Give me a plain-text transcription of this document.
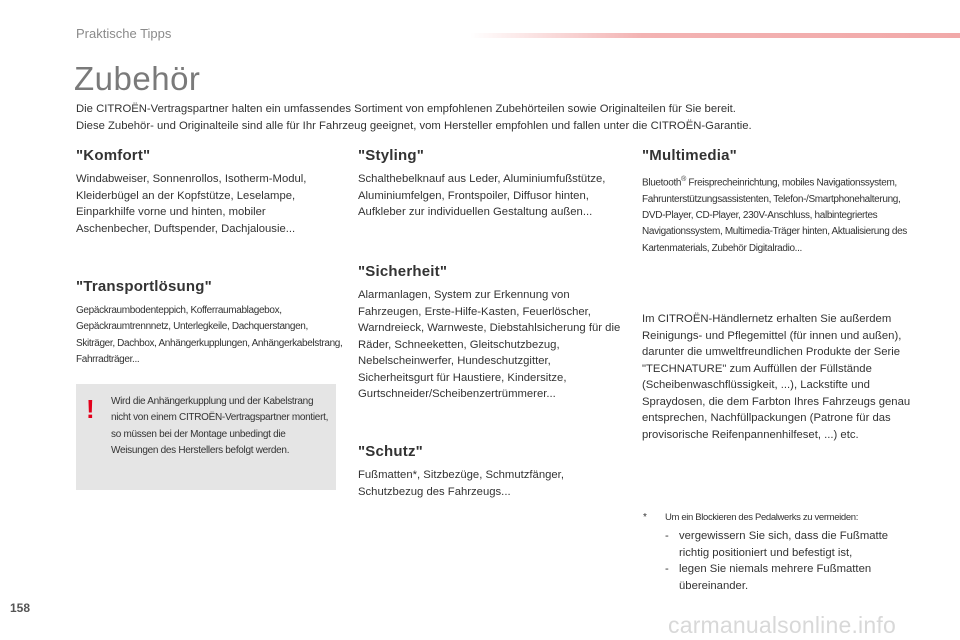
Praktische Tipps
Zubehör

Die CITROËN-Vertragspartner halten ein umfassendes Sortiment von empfohlenen Zubehörteilen sowie Originalteilen für Sie bereit.

Diese Zubehör- und Originalteile sind alle für Ihr Fahrzeug geeignet, vom Hersteller empfohlen und fallen unter die CITROËN-Garantie.

"Komfort"

Windabweiser, Sonnenrollos, Isotherm-Modul, Kleiderbügel an der Kopfstütze, Leselampe, Einparkhilfe vorne und hinten, mobiler Aschenbecher, Duftspender, Dachjalousie...

"Transportlösung"

Gepäckraumbodenteppich, Kofferraumablagebox, Gepäckraumtrennnetz, Unterlegkeile, Dachquerstangen, Skiträger, Dachbox, Anhängerkupplungen, Anhängerkabelstrang, Fahrradträger...

! Wird die Anhängerkupplung und der Kabelstrang nicht von einem CITROËN-Vertragspartner montiert, so müssen bei der Montage unbedingt die Weisungen des Herstellers befolgt werden.
"Styling"

Schalthebelknauf aus Leder, Aluminiumfußstütze, Aluminiumfelgen, Frontspoiler, Diffusor hinten, Aufkleber zur individuellen Gestaltung außen...

"Sicherheit"

Alarmanlagen, System zur Erkennung von Fahrzeugen, Erste-Hilfe-Kasten, Feuerlöscher, Warndreieck, Warnweste, Diebstahlsicherung für die Räder, Schneeketten, Gleitschutzbezug, Nebelscheinwerfer, Hundeschutzgitter, Sicherheitsgurt für Haustiere, Kindersitze, Gurtschneider/Scheibenzertrümmerer...

"Schutz"

Fußmatten*, Sitzbezüge, Schmutzfänger, Schutzbezug des Fahrzeugs...

"Multimedia"

Bluetooth® Freisprecheinrichtung, mobiles Navigationssystem, Fahrunterstützungsassistenten, Telefon-/Smartphonehalterung, DVD-Player, CD-Player, 230V-Anschluss, halbintegriertes Navigationssystem, Multimedia-Träger hinten, Aktualisierung des Kartenmaterials, Zubehör Digitalradio...

Im CITROËN-Händlernetz erhalten Sie außerdem Reinigungs- und Pflegemittel (für innen und außen), darunter die umweltfreundlichen Produkte der Serie "TECHNATURE" zum Auffüllen der Füllstände (Scheibenwaschflüssigkeit, ...), Lackstifte und Spraydosen, die dem Farbton Ihres Fahrzeugs genau entsprechen, Nachfüllpackungen (Patrone für das provisorische Reifenpannenhilfeset, ...) etc.

* Um ein Blockieren des Pedalwerks zu vermeiden:
- vergewissern Sie sich, dass die Fußmatte richtig positioniert und befestigt ist,
- legen Sie niemals mehrere Fußmatten übereinander.
158
carmanualsonline.info
